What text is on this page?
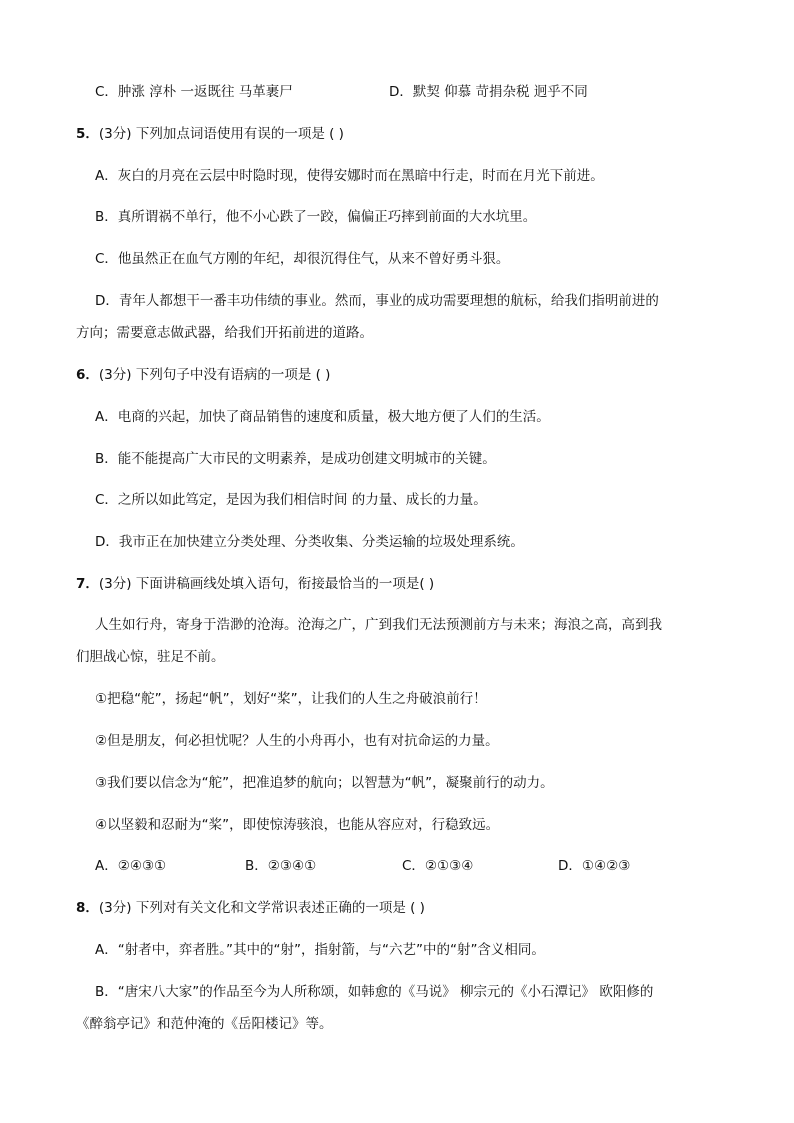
C．肿涨 淳朴 一返既往 马革裹尸	D．默契 仰慕 苛捐杂税 迥乎不同
5．(3分) 下列加点词语使用有误的一项是 ( )
A．灰白的月亮在云层中时隐时现，使得安娜时而在黑暗中行走，时而在月光下前进。
B．真所谓祸不单行，他不小心跌了一跤，偏偏正巧摔到前面的大水坑里。
C．他虽然正在血气方刚的年纪，却很沉得住气，从来不曾好勇斗狠。
D．青年人都想干一番丰功伟绩的事业。然而，事业的成功需要理想的航标，给我们指明前进的
方向；需要意志做武器，给我们开拓前进的道路。
6．(3分) 下列句子中没有语病的一项是 ( )
A．电商的兴起，加快了商品销售的速度和质量，极大地方便了人们的生活。
B．能不能提高广大市民的文明素养，是成功创建文明城市的关键。
C．之所以如此笃定，是因为我们相信时间 的力量、成长的力量。
D．我市正在加快建立分类处理、分类收集、分类运输的垃圾处理系统。
7．(3分) 下面讲稿画线处填入语句，衔接最恰当的一项是( )
人生如行舟，寄身于浩渺的沧海。沧海之广，广到我们无法预测前方与未来；海浪之高，高到我
们胆战心惊，驻足不前。
①把稳“舵”，扬起“帆”，划好“桨”，让我们的人生之舟破浪前行！
②但是朋友，何必担忧呢？人生的小舟再小，也有对抗命运的力量。
③我们要以信念为“舵”，把准追梦的航向；以智慧为“帆”，凝聚前行的动力。
④以坚毅和忍耐为“桨”，即使惊涛骇浪，也能从容应对，行稳致远。
A．②④③①	B．②③④①	C．②①③④	D．①④②③
8．(3分) 下列对有关文化和文学常识表述正确的一项是 ( )
A．“射者中，弈者胜。”其中的“射”，指射箭，与“六艺”中的“射”含义相同。
B．“唐宋八大家”的作品至今为人所称颂，如韩愈的《马说》 柳宗元的《小石潭记》 欧阳修的
《醉翁亭记》和范仲淹的《岳阳楼记》等。
